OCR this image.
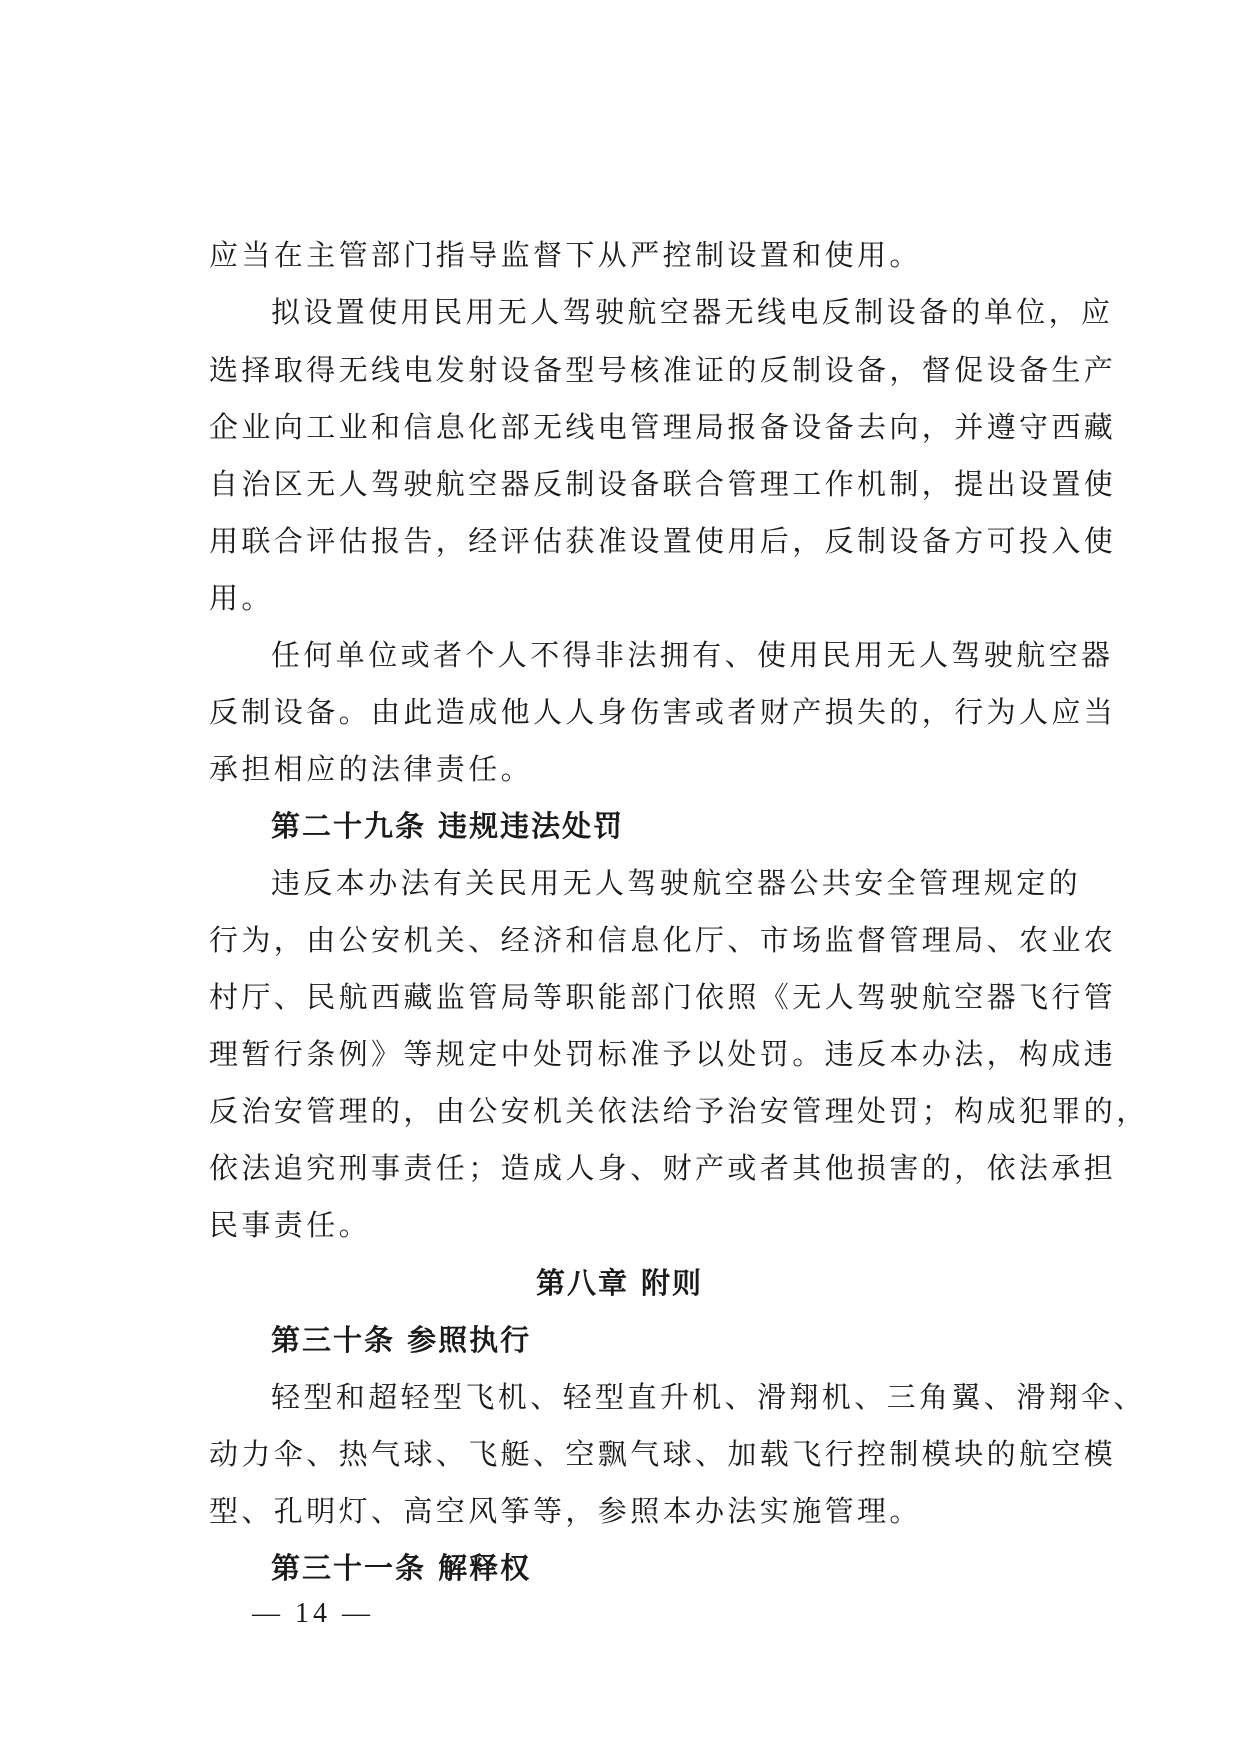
应当在主管部门指导监督下从严控制设置和使用。
拟设置使用民用无人驾驶航空器无线电反制设备的单位，应
选择取得无线电发射设备型号核准证的反制设备，督促设备生产
企业向工业和信息化部无线电管理局报备设备去向，并遵守西藏
自治区无人驾驶航空器反制设备联合管理工作机制，提出设置使
用联合评估报告，经评估获准设置使用后，反制设备方可投入使
用。
任何单位或者个人不得非法拥有、使用民用无人驾驶航空器
反制设备。由此造成他人人身伤害或者财产损失的，行为人应当
承担相应的法律责任。
第二十九条 违规违法处罚
违反本办法有关民用无人驾驶航空器公共安全管理规定的
行为，由公安机关、经济和信息化厅、市场监督管理局、农业农
村厅、民航西藏监管局等职能部门依照《无人驾驶航空器飞行管
理暂行条例》等规定中处罚标准予以处罚。违反本办法，构成违
反治安管理的，由公安机关依法给予治安管理处罚；构成犯罪的，
依法追究刑事责任；造成人身、财产或者其他损害的，依法承担
民事责任。
第八章 附则
第三十条 参照执行
轻型和超轻型飞机、轻型直升机、滑翔机、三角翼、滑翔伞、
动力伞、热气球、飞艇、空飘气球、加载飞行控制模块的航空模
型、孔明灯、高空风筝等，参照本办法实施管理。
第三十一条 解释权
— 14 —
